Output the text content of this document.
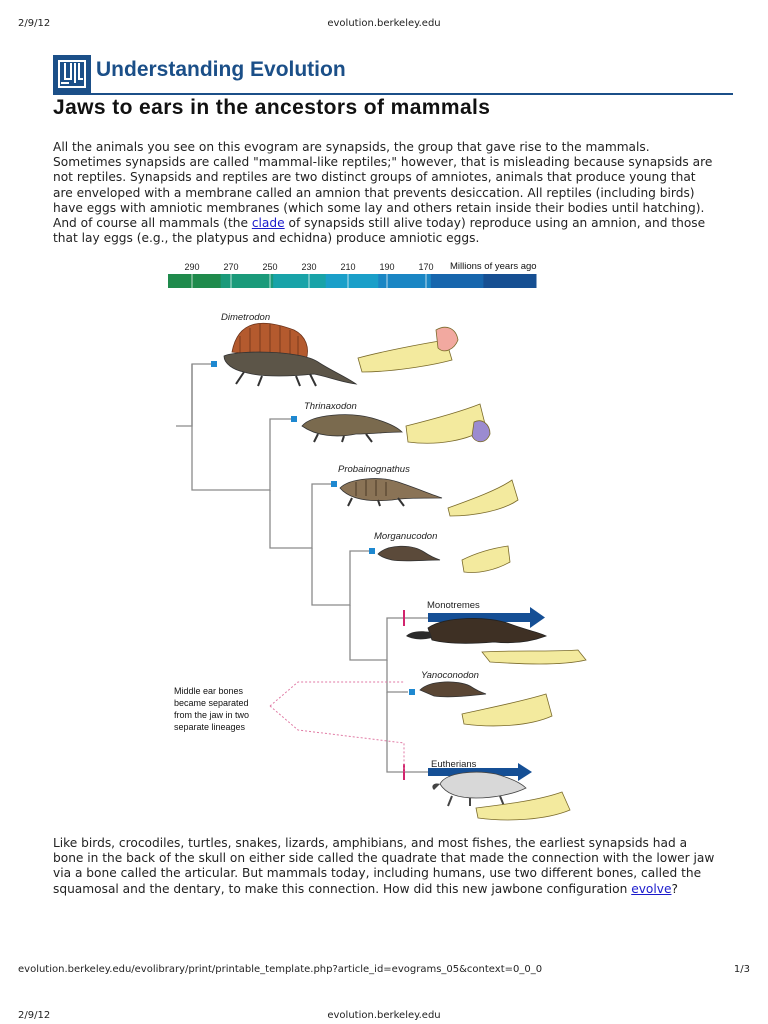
2/9/12	evolution.berkeley.edu
Understanding Evolution
Jaws to ears in the ancestors of mammals

All the animals you see on this evogram are synapsids, the group that gave rise to the mammals. Sometimes synapsids are called "mammal-like reptiles;" however, that is misleading because synapsids are not reptiles. Synapsids and reptiles are two distinct groups of amniotes, animals that produce young that are enveloped with a membrane called an amnion that prevents desiccation. All reptiles (including birds) have eggs with amniotic membranes (which some lay and others retain inside their bodies until hatching). And of course all mammals (the clade of synapsids still alive today) reproduce using an amnion, and those that lay eggs (e.g., the platypus and echidna) produce amniotic eggs.

290	270	250	230	210	190	170 Millions of years ago
Dimetrodon
Thrinaxodon
Probainognathus
Morganucodon
Monotremes
Yanoconodon
Eutherians
Middle ear bones became separated from the jaw in two separate lineages

Like birds, crocodiles, turtles, snakes, lizards, amphibians, and most fishes, the earliest synapsids had a bone in the back of the skull on either side called the quadrate that made the connection with the lower jaw via a bone called the articular. But mammals today, including humans, use two different bones, called the squamosal and the dentary, to make this connection. How did this new jawbone configuration evolve?

evolution.berkeley.edu/evolibrary/print/printable_template.php?article_id=evograms_05&context=0_0_0	1/3
2/9/12	evolution.berkeley.edu
